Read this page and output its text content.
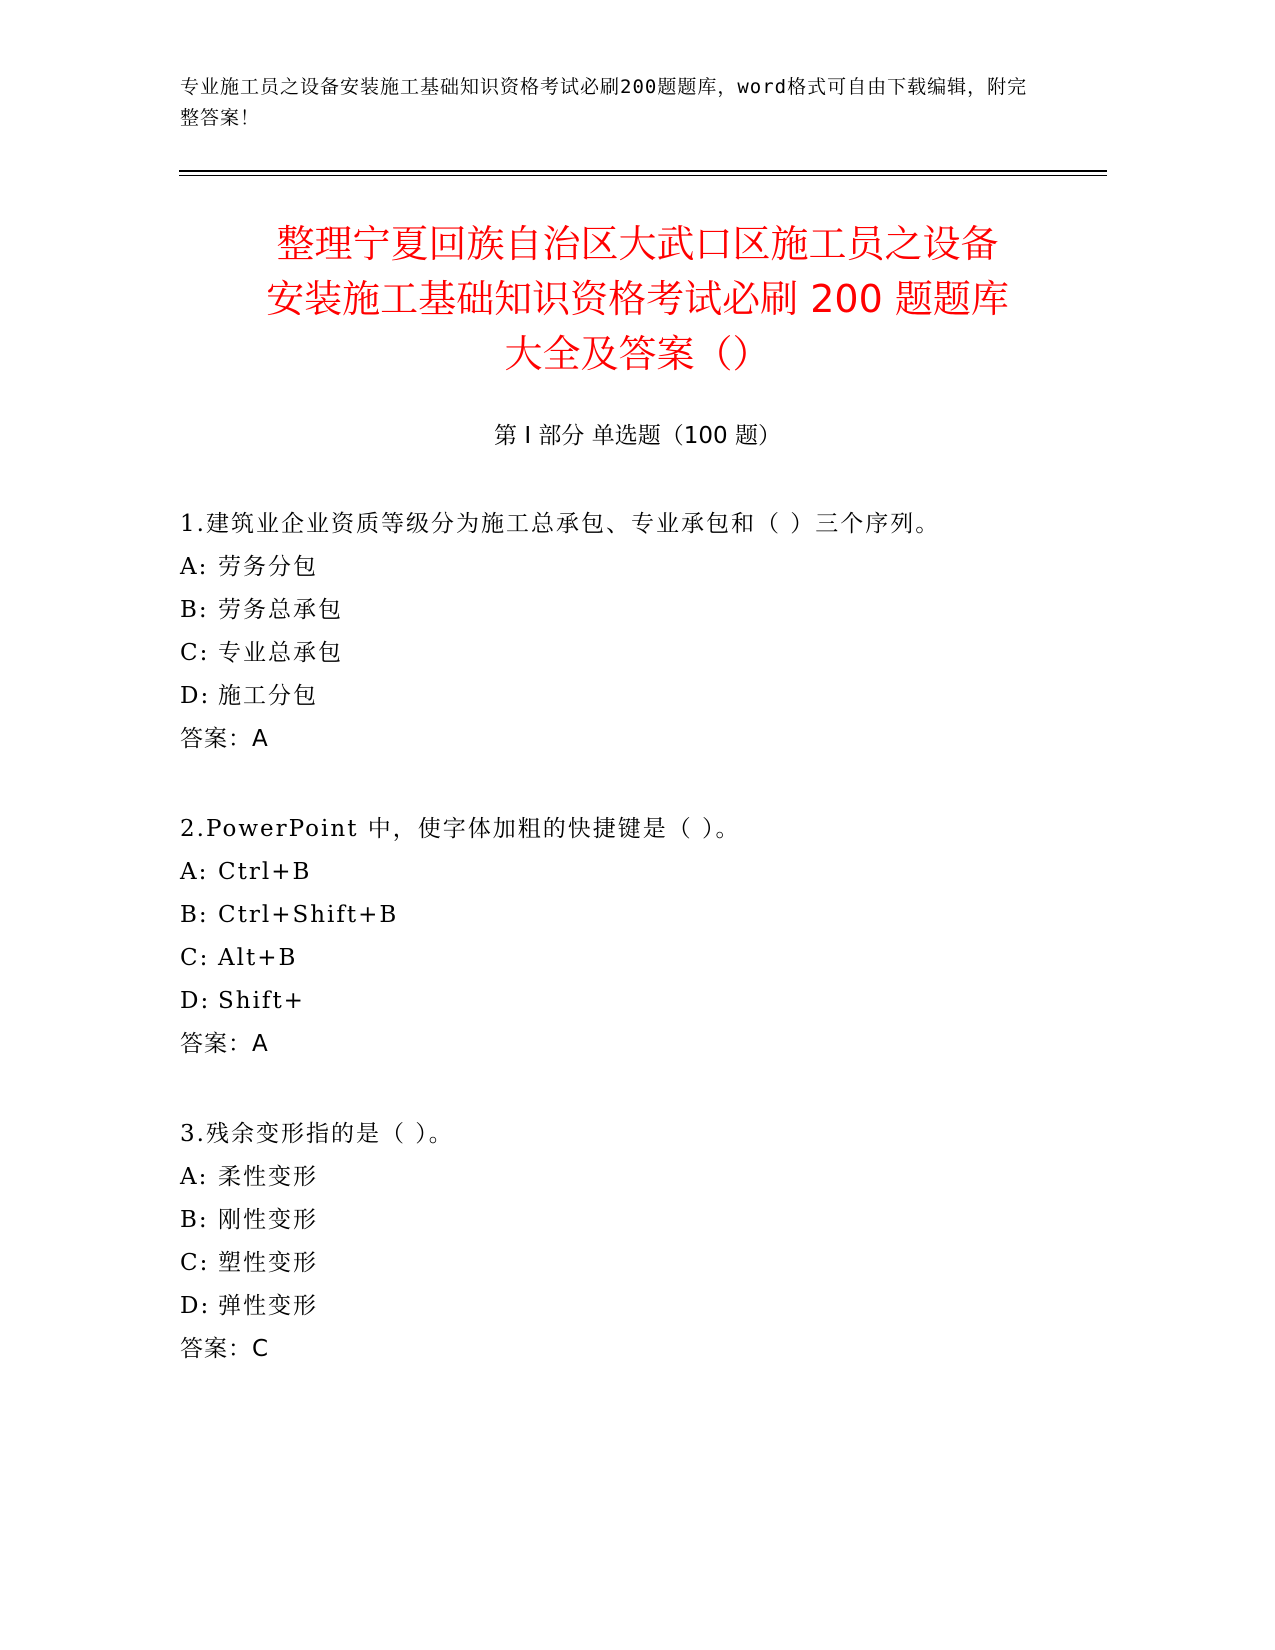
专业施工员之设备安装施工基础知识资格考试必刷200题题库，word格式可自由下载编辑，附完整答案！
整理宁夏回族自治区大武口区施工员之设备
安装施工基础知识资格考试必刷 200 题题库
大全及答案（）
第 I 部分 单选题（100 题）
1.建筑业企业资质等级分为施工总承包、专业承包和（ ）三个序列。
A: 劳务分包
B: 劳务总承包
C: 专业总承包
D: 施工分包
答案：A
2.PowerPoint 中，使字体加粗的快捷键是（ ）。
A: Ctrl+B
B: Ctrl+Shift+B
C: Alt+B
D: Shift+
答案：A
3.残余变形指的是（ ）。
A: 柔性变形
B: 刚性变形
C: 塑性变形
D: 弹性变形
答案：C
